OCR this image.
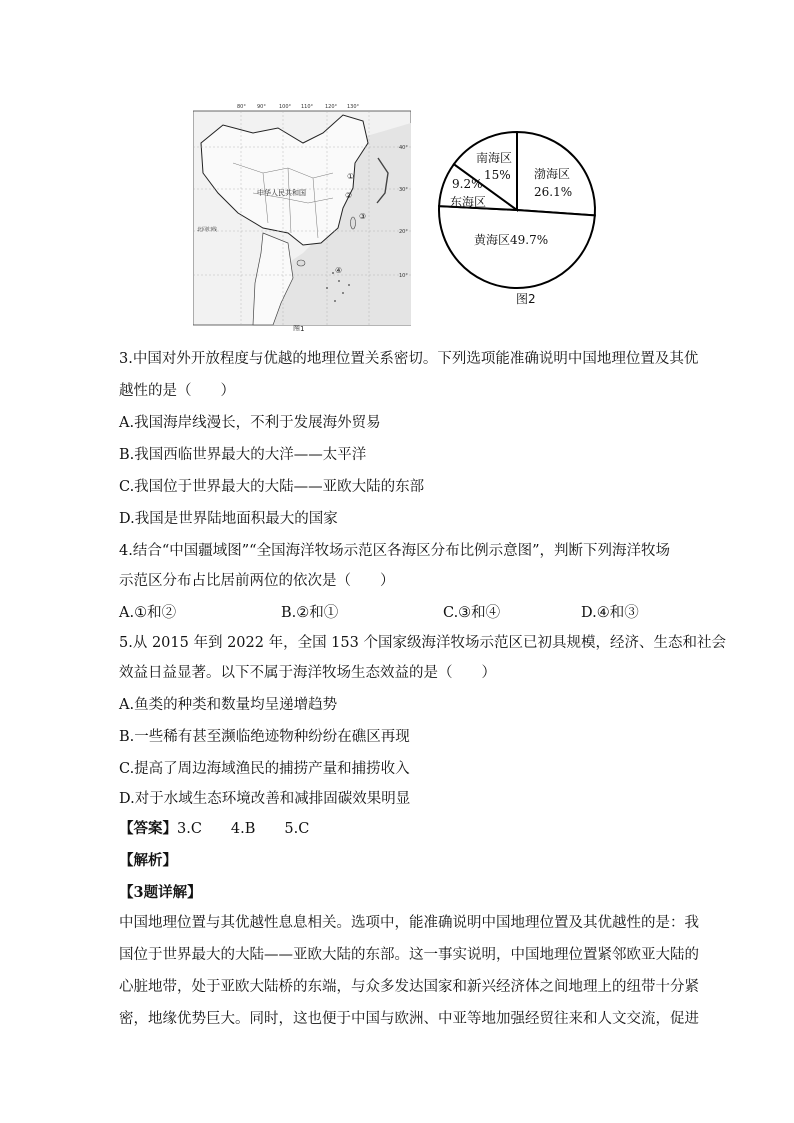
80° 90°	100° 110° 120° 130°
中华人民共和国
北回归线
①
②
③
④
40°
30°
20°
10°
图1
南海区
15% 渤海区
26.1%
9.2%
东海区
黄海区49.7%
图2
3.中国对外开放程度与优越的地理位置关系密切。下列选项能准确说明中国地理位置及其优
越性的是（　　）
A.我国海岸线漫长，不利于发展海外贸易
B.我国西临世界最大的大洋——太平洋
C.我国位于世界最大的大陆——亚欧大陆的东部
D.我国是世界陆地面积最大的国家
4.结合“中国疆域图”“全国海洋牧场示范区各海区分布比例示意图”，判断下列海洋牧场
示范区分布占比居前两位的依次是（　　）
A.①和②	B.②和①	C.③和④	D.④和③
5.从 2015 年到 2022 年，全国 153 个国家级海洋牧场示范区已初具规模，经济、生态和社会
效益日益显著。以下不属于海洋牧场生态效益的是（　　）
A.鱼类的种类和数量均呈递增趋势
B.一些稀有甚至濒临绝迹物种纷纷在礁区再现
C.提高了周边海域渔民的捕捞产量和捕捞收入
D.对于水域生态环境改善和减排固碳效果明显
【答案】3.C　　4.B　　5.C
【解析】
【3题详解】
中国地理位置与其优越性息息相关。选项中，能准确说明中国地理位置及其优越性的是：我
国位于世界最大的大陆——亚欧大陆的东部。这一事实说明，中国地理位置紧邻欧亚大陆的
心脏地带，处于亚欧大陆桥的东端，与众多发达国家和新兴经济体之间地理上的纽带十分紧
密，地缘优势巨大。同时，这也便于中国与欧洲、中亚等地加强经贸往来和人文交流，促进
